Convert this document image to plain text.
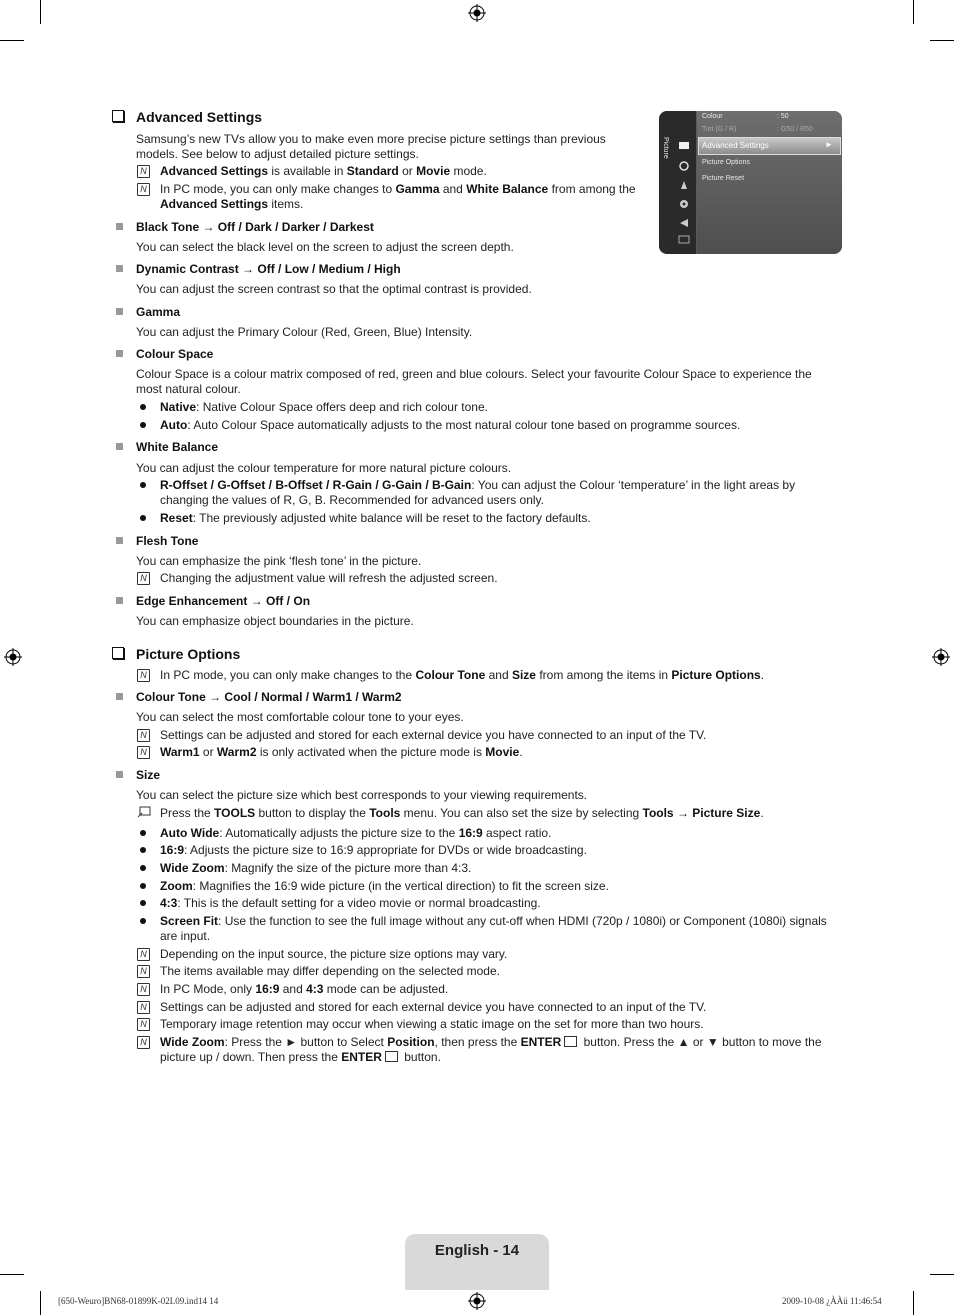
Picture
Colour	: 50
Tint (G / R)	: G50 / R50
Advanced Settings	►
Picture Options
Picture Reset
Advanced Settings
Samsung’s new TVs allow you to make even more precise picture settings than previous models. See below to adjust detailed picture settings.
N Advanced Settings is available in Standard or Movie mode.
N In PC mode, you can only make changes to Gamma and White Balance from among the Advanced Settings items.
Black Tone → Off / Dark / Darker / Darkest
You can select the black level on the screen to adjust the screen depth.
Dynamic Contrast → Off / Low / Medium / High
You can adjust the screen contrast so that the optimal contrast is provided.
Gamma
You can adjust the Primary Colour (Red, Green, Blue) Intensity.
Colour Space
Colour Space is a colour matrix composed of red, green and blue colours. Select your favourite Colour Space to experience the most natural colour.
Native: Native Colour Space offers deep and rich colour tone.
Auto: Auto Colour Space automatically adjusts to the most natural colour tone based on programme sources.
White Balance
You can adjust the colour temperature for more natural picture colours.
R-Offset / G-Offset / B-Offset / R-Gain / G-Gain / B-Gain: You can adjust the Colour ‘temperature’ in the light areas by changing the values of R, G, B. Recommended for advanced users only.
Reset: The previously adjusted white balance will be reset to the factory defaults.
Flesh Tone
You can emphasize the pink ‘flesh tone’ in the picture.
N Changing the adjustment value will refresh the adjusted screen.
Edge Enhancement → Off / On
You can emphasize object boundaries in the picture.
Picture Options
N In PC mode, you can only make changes to the Colour Tone and Size from among the items in Picture Options.
Colour Tone → Cool / Normal / Warm1 / Warm2
You can select the most comfortable colour tone to your eyes.
N Settings can be adjusted and stored for each external device you have connected to an input of the TV.
N Warm1 or Warm2 is only activated when the picture mode is Movie.
Size
You can select the picture size which best corresponds to your viewing requirements.
Press the TOOLS button to display the Tools menu. You can also set the size by selecting Tools → Picture Size.
Auto Wide: Automatically adjusts the picture size to the 16:9 aspect ratio.
16:9: Adjusts the picture size to 16:9 appropriate for DVDs or wide broadcasting.
Wide Zoom: Magnify the size of the picture more than 4:3.
Zoom: Magnifies the 16:9 wide picture (in the vertical direction) to fit the screen size.
4:3: This is the default setting for a video movie or normal broadcasting.
Screen Fit: Use the function to see the full image without any cut-off when HDMI (720p / 1080i) or Component (1080i) signals are input.
N Depending on the input source, the picture size options may vary.
N The items available may differ depending on the selected mode.
N In PC Mode, only 16:9 and 4:3 mode can be adjusted.
N Settings can be adjusted and stored for each external device you have connected to an input of the TV.
N Temporary image retention may occur when viewing a static image on the set for more than two hours.
N Wide Zoom: Press the ► button to Select Position, then press the ENTER button. Press the ▲ or ▼ button to move the picture up / down. Then press the ENTER button.
English - 14
[650-Weuro]BN68-01899K-02L09.ind14 14	2009-10-08 ¿ÀÀü 11:46:54
